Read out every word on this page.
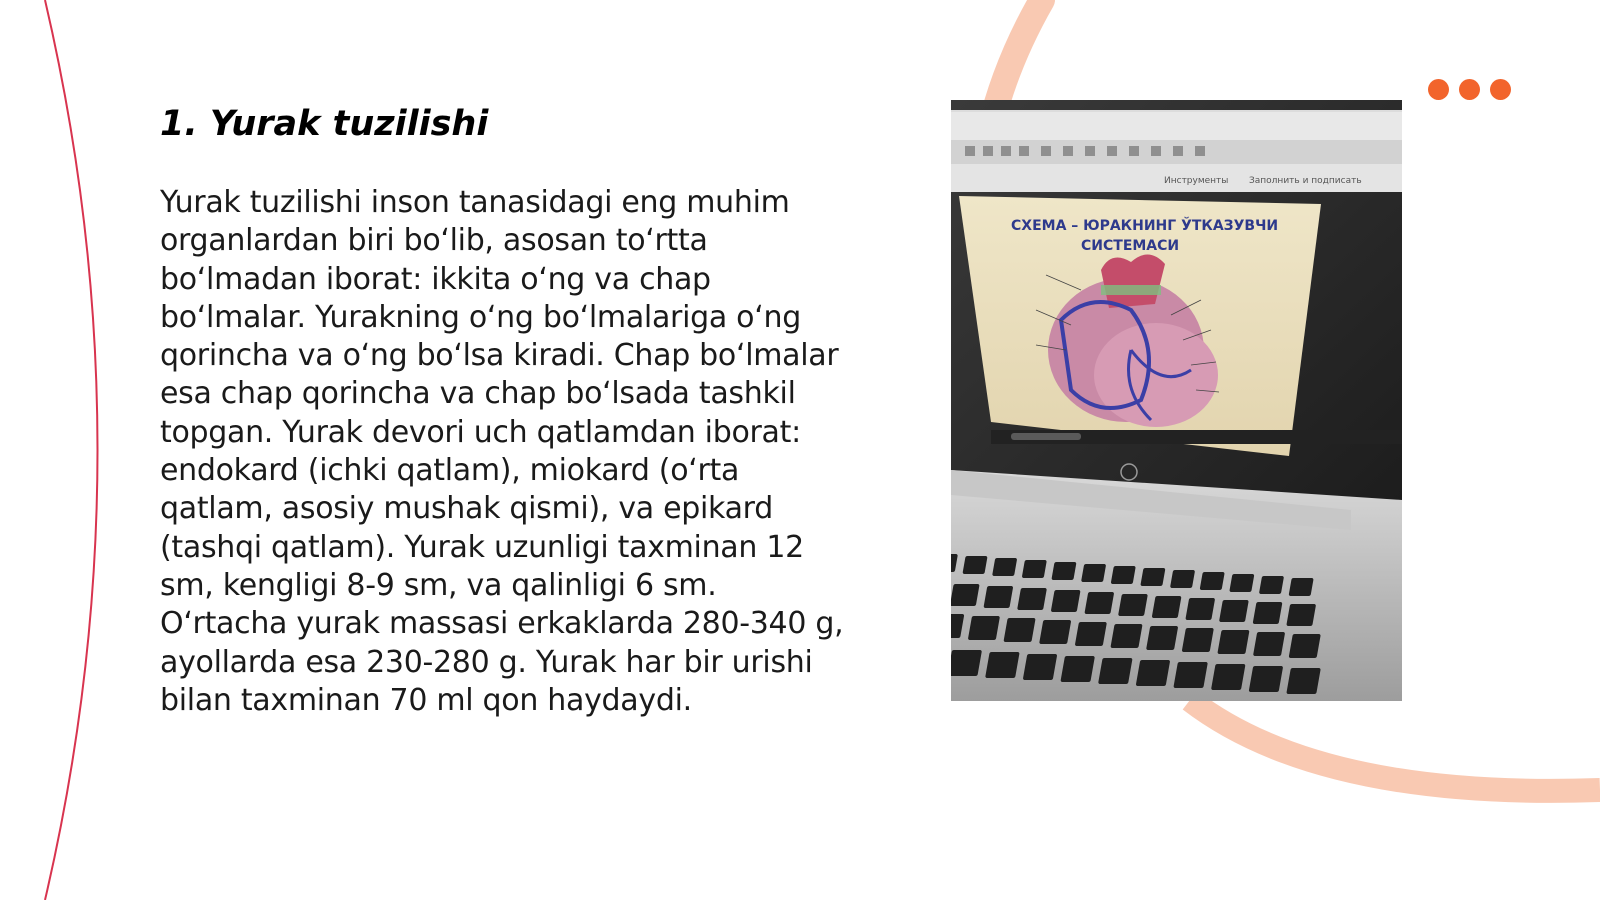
1. Yurak tuzilishi

Yurak tuzilishi inson tanasidagi eng muhim
organlardan biri bo‘lib, asosan to‘rtta
bo‘lmadan iborat: ikkita o‘ng va chap
bo‘lmalar. Yurakning o‘ng bo‘lmalariga o‘ng
qorincha va o‘ng bo‘lsa kiradi. Chap bo‘lmalar
esa chap qorincha va chap bo‘lsada tashkil
topgan. Yurak devori uch qatlamdan iborat:
endokard (ichki qatlam), miokard (o‘rta
qatlam, asosiy mushak qismi), va epikard
(tashqi qatlam). Yurak uzunligi taxminan 12
sm, kengligi 8-9 sm, va qalinligi 6 sm.
O‘rtacha yurak massasi erkaklarda 280-340 g,
ayollarda esa 230-280 g. Yurak har bir urishi
bilan taxminan 70 ml qon haydaydi.

Инструменты Заполнить и подписать
СХЕМА – ЮРАКНИНГ ЎТКАЗУВЧИ
СИСТЕМАСИ
